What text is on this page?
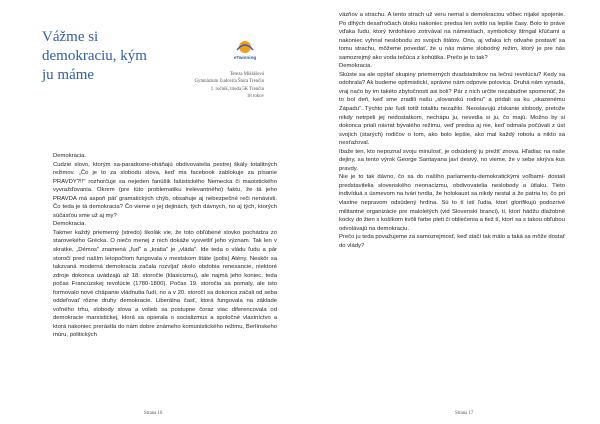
Vážme si demokraciu, kým ju máme
eTwinning
Tereza Miklášová
Gymnázium Ľudovíta Štúra Trenčín
1. ročník, trieda 5K Trenčín
18 rokov
Demokracia.
Cudzie slovo, ktorým sa-paradoxne-oháňajú obdivovatelia pestrej škály totalitných režimov. „Čo je to za slobodu slova, keď ma facebook zablokuje za písanie PRAVDY?!!" rozhorčuje sa nejeden fanúšik fašistického Nemecka či maoistického vyvražďovania. Okrem (pre túto problematiku irelevantného) faktu, že tá jeho PRAVDA má aspoň päť gramatických chýb, obsahuje aj nebezpečné reči nenávisti. Čo teda je tá demokracia? Čo vieme o jej dejinách, tých dávnych, no aj tých, ktorých súčasťou sme už aj my?
Demokracia.
Takmer každý priemerný (stredo) školák vie, že toto obľúbené slovko pochádza zo starovekého Grécka. O niečo menej z nich dokáže vysvetliť jeho význam. Tak len v skratke, „Démos" znamená „ľud" a „kratia" je „vláda". Ide teda o vládu ľudu a pár storočí pred naším letopočtom fungovala v mestskom štáte (polis) Atény. Neskôr sa takzvaná moderná demokracia začala rozvíjať okolo obdobia renesancie, niektoré zdroje dokonca uvádzajú až 18. storočie (klasicizmu), ale najmä jeho koniec, teda počas Francúzskej revolúcie (1780-1800). Počas 19. storočia sa pomaly, ale isto formovalo nové chápanie vládnutia ľudí, no a v 20. storočí sa dokonca začali od seba oddeľovať rôzne druhy demokracie. Liberálna časť, ktorá fungovala na základe voľného trhu, slobody slova a volieb sa postupne čoraz viac diferencovala od demokracie marxistickej, ktorá sa opierala o socializmus a spoločné vlastníctvo a ktorá nakoniec prerástla do nám dobre známeho komunistického režimu, Berlínskeho múru, politických
Strana 16
väzňov a strachu. A tento strach už veru nemal s demokraciou vôbec nijaké spojenie. Po dlhých desaťročiach útoku nakoniec predsa len svitlo na lepšie časy. Bolo to práve vďaka ľudu, ktorý tvrdohlavo zotrvával na námestiach, symbolicky štrngal kľúčami a nakoniec vyhnal neslobodu zo svojich štátov. Ono, aj vďaka ich odvahe postaviť sa tomu strachu, môžeme povedať, že u nás máme slobodný režim, ktorý je pre nás samozrejmý ako voda tečúca z kohútika. Prečo je to tak?
Demokracia.
Skúste sa ale opýtať skupiny priemerných dvadsiatnikov na lečnú revolúciu? Kedy sa odohrala? Ak budeme optimistickí, správne nám odpovie polovica. Druhá nám vynadá, vraj načo by im takéto zbytočnosti asi boli? Pár z nich určite nezabudne spomenúť, že to bol deň, keď sme zradili našu „slovanskú rodinu" a pridali sa ku „skazenému Západu". Týchto pár ľudí totiž totalitu nezažilo. Neoslavujú získanie slobody, pretože nikdy netrpeli jej nedostatkom, nechápu ju, nevedia si ju, čo majú. Možno by si dokonca priali návrat bývalého režimu, veď predsa aj nie, keď odmala počúvali z úst svojich (starých) rodičov o tom, ako bolo lepšie, ako mal každý robotu a nikto sa nesťažoval.
Ibaže ten, kto nepoznal svoju minulosť, je odsúdený ju prežiť znova. Hľadiac na naše dejiny, sa tento výrok George Santayana javí desivý, no vieme, že v sebe skrýva kus pravdy.
Nie je to tak dávno, čo sa do našího parlamentu-demokratickými voľbami- dostali predstavitelia slovenského neonacizmu, obdivovatelia neslobody a útlaku. Tieto indivíduá s úsmevom na tvári tvrdia, že holokaust sa nikdy nestal a že patria to, čo pri vlastne nepravom odsúdený hrdina. Sú to tí istí ľudia, ktorí glorifikujú podozrivé militantné organizácie pre maloletých (vid Slovenskí branci), tí, ktorí hádžu dlažobné kocky do žien s košíkom kvôli farbe pleti či obliečenia a tiež tí, ktorí sa s takou obľubou odvolávajú na demokraciu.
Prečo ju teda považujeme za samozrejmosť, keď stačí tak málo a taká sa môže dostať do vlády?
Strana 17
